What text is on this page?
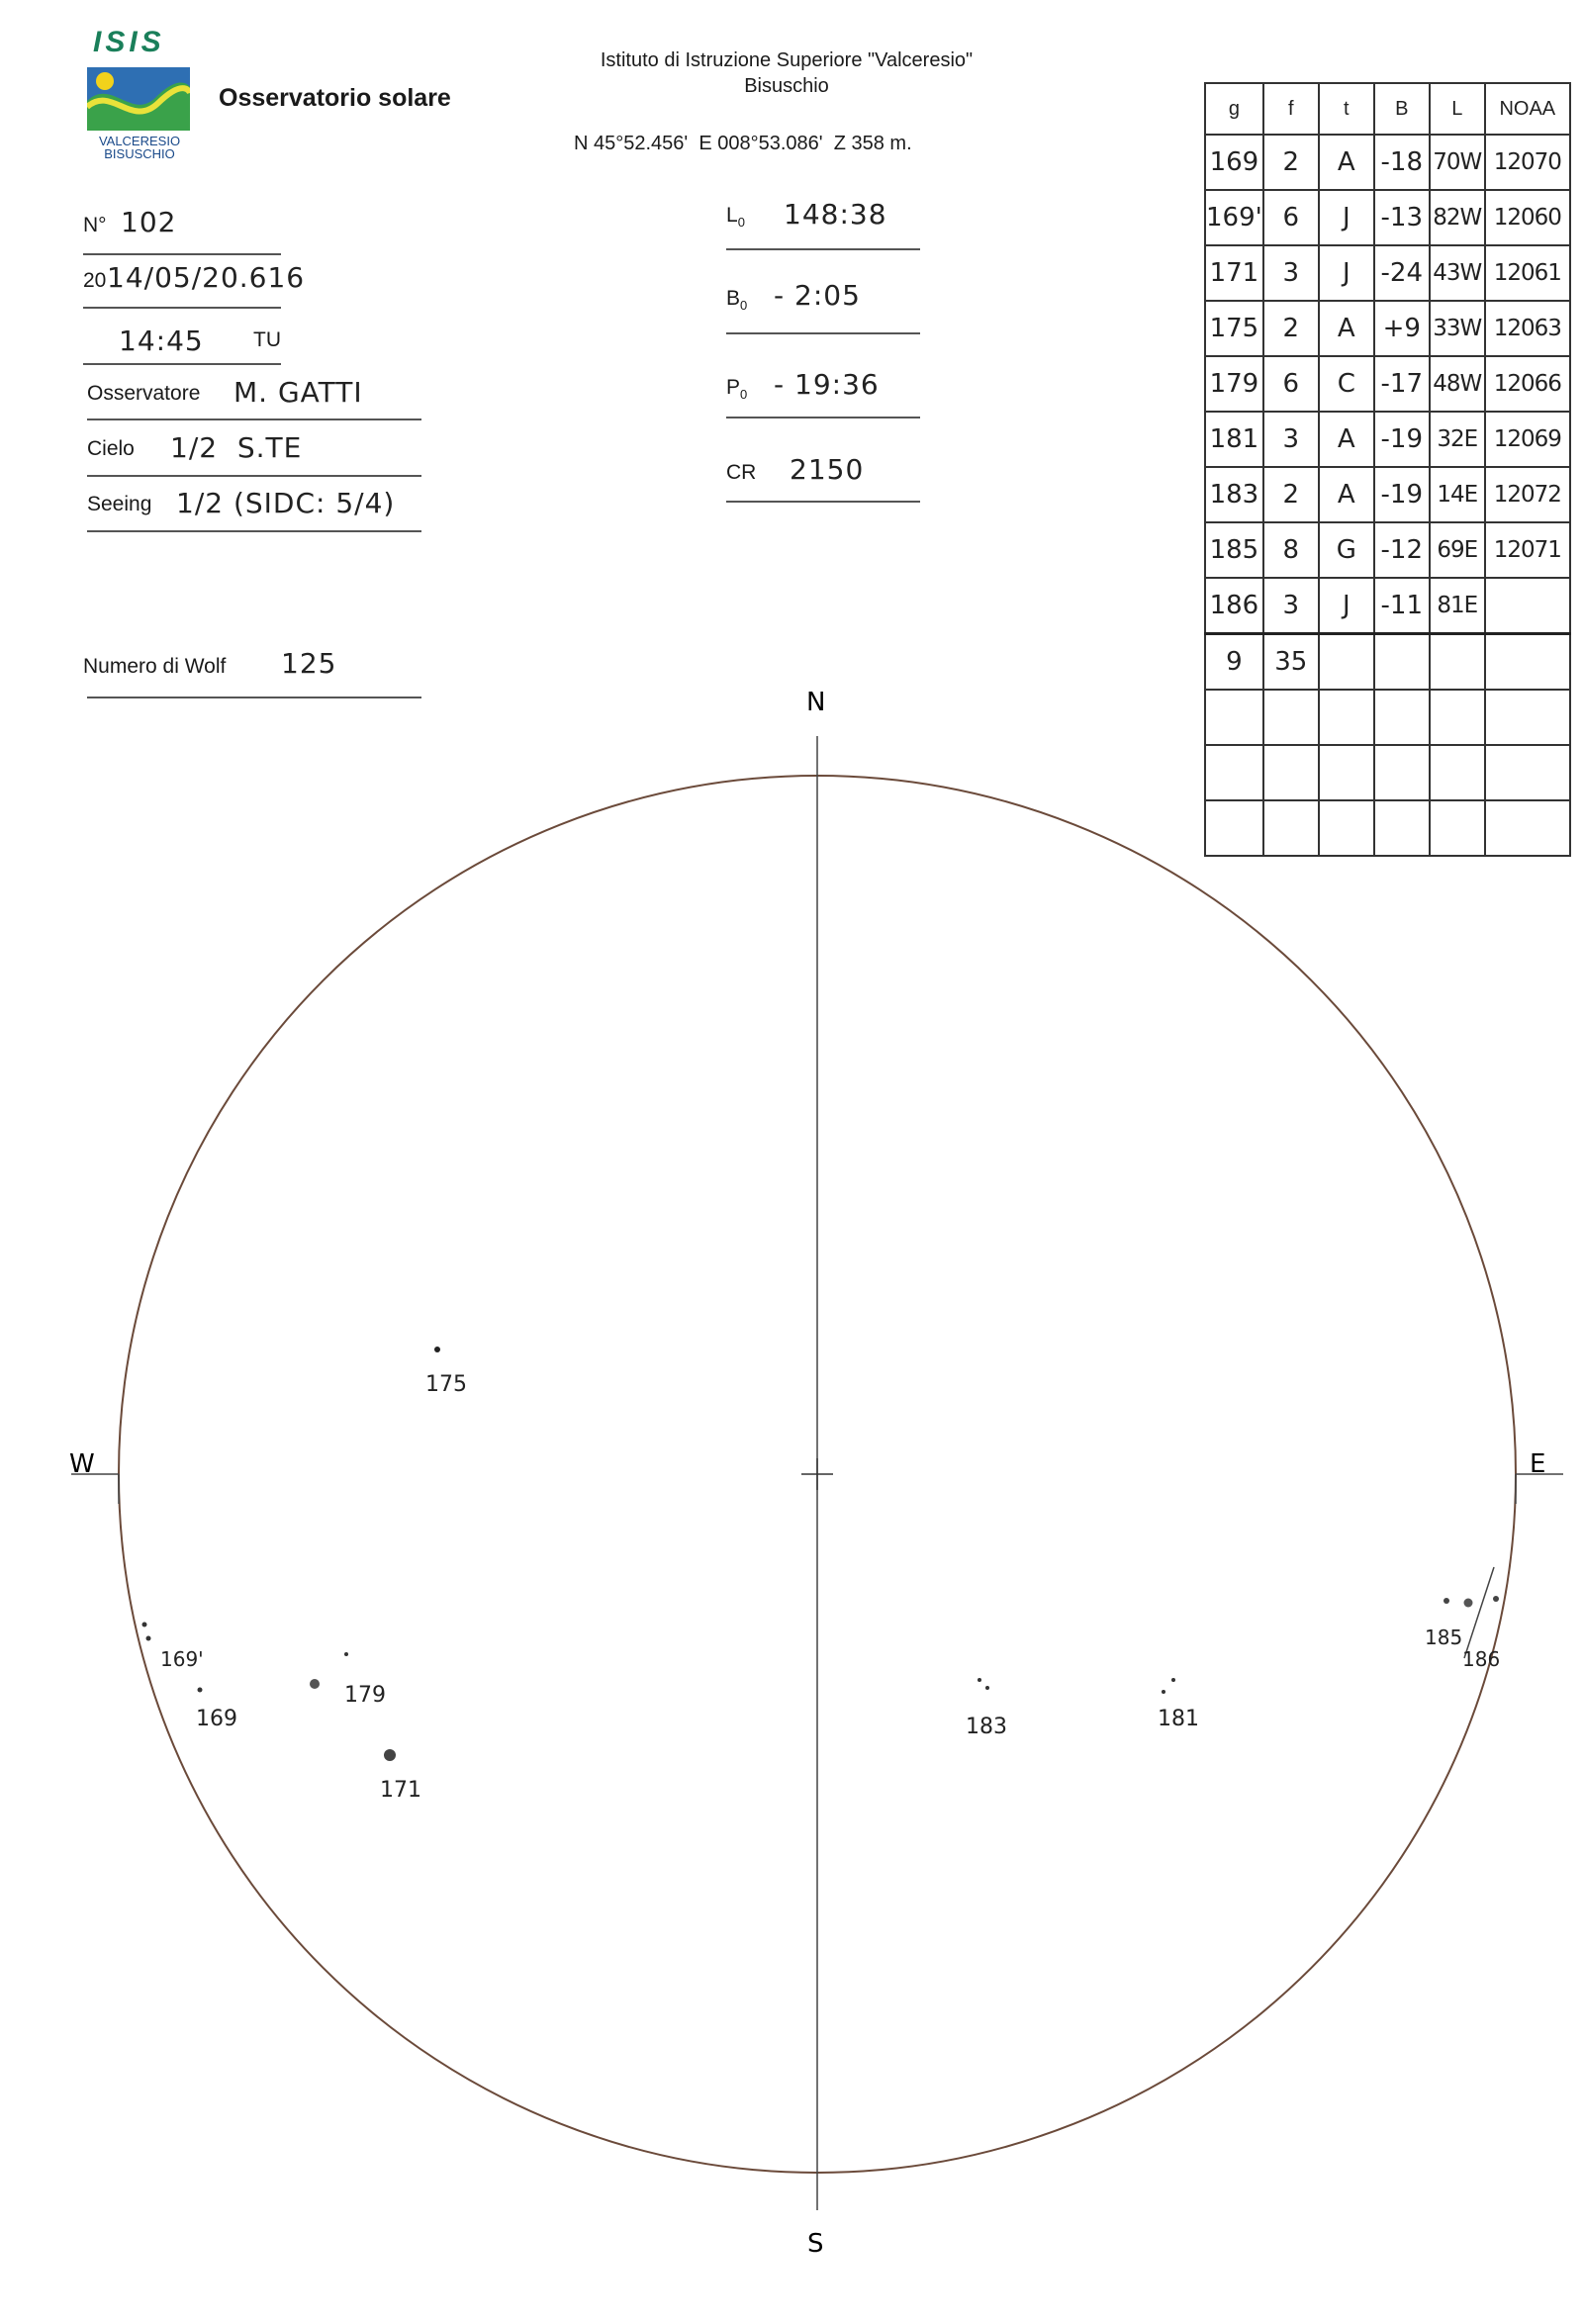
ISIS
VALCERESIO
BISUSCHIO
Osservatorio solare
Istituto di Istruzione Superiore "Valceresio"
Bisuschio
N 45°52.456'  E 008°53.086'  Z 358 m.
N° 102
20 14/05/20.616
14:45 TU
Osservatore M. GATTI
Cielo 1/2  S.TE
Seeing 1/2 (SIDC: 5/4)
Numero di Wolf 125
$L_0$ 148:38
$B_0$ - 2:05
$P_0$ - 19:36
CR 2150
g	f	t	B	L	NOAA
169	2	A	-18	70W	12070
169'	6	J	-13	82W	12060
171	3	J	-24	43W	12061
175	2	A	+9	33W	12063
179	6	C	-17	48W	12066
181	3	A	-19	32E	12069
183	2	A	-19	14E	12072
185	8	G	-12	69E	12071
186	3	J	-11	81E	
9	35				

N
S
W	E
175
169'
169
179
171
183	181
185
186
